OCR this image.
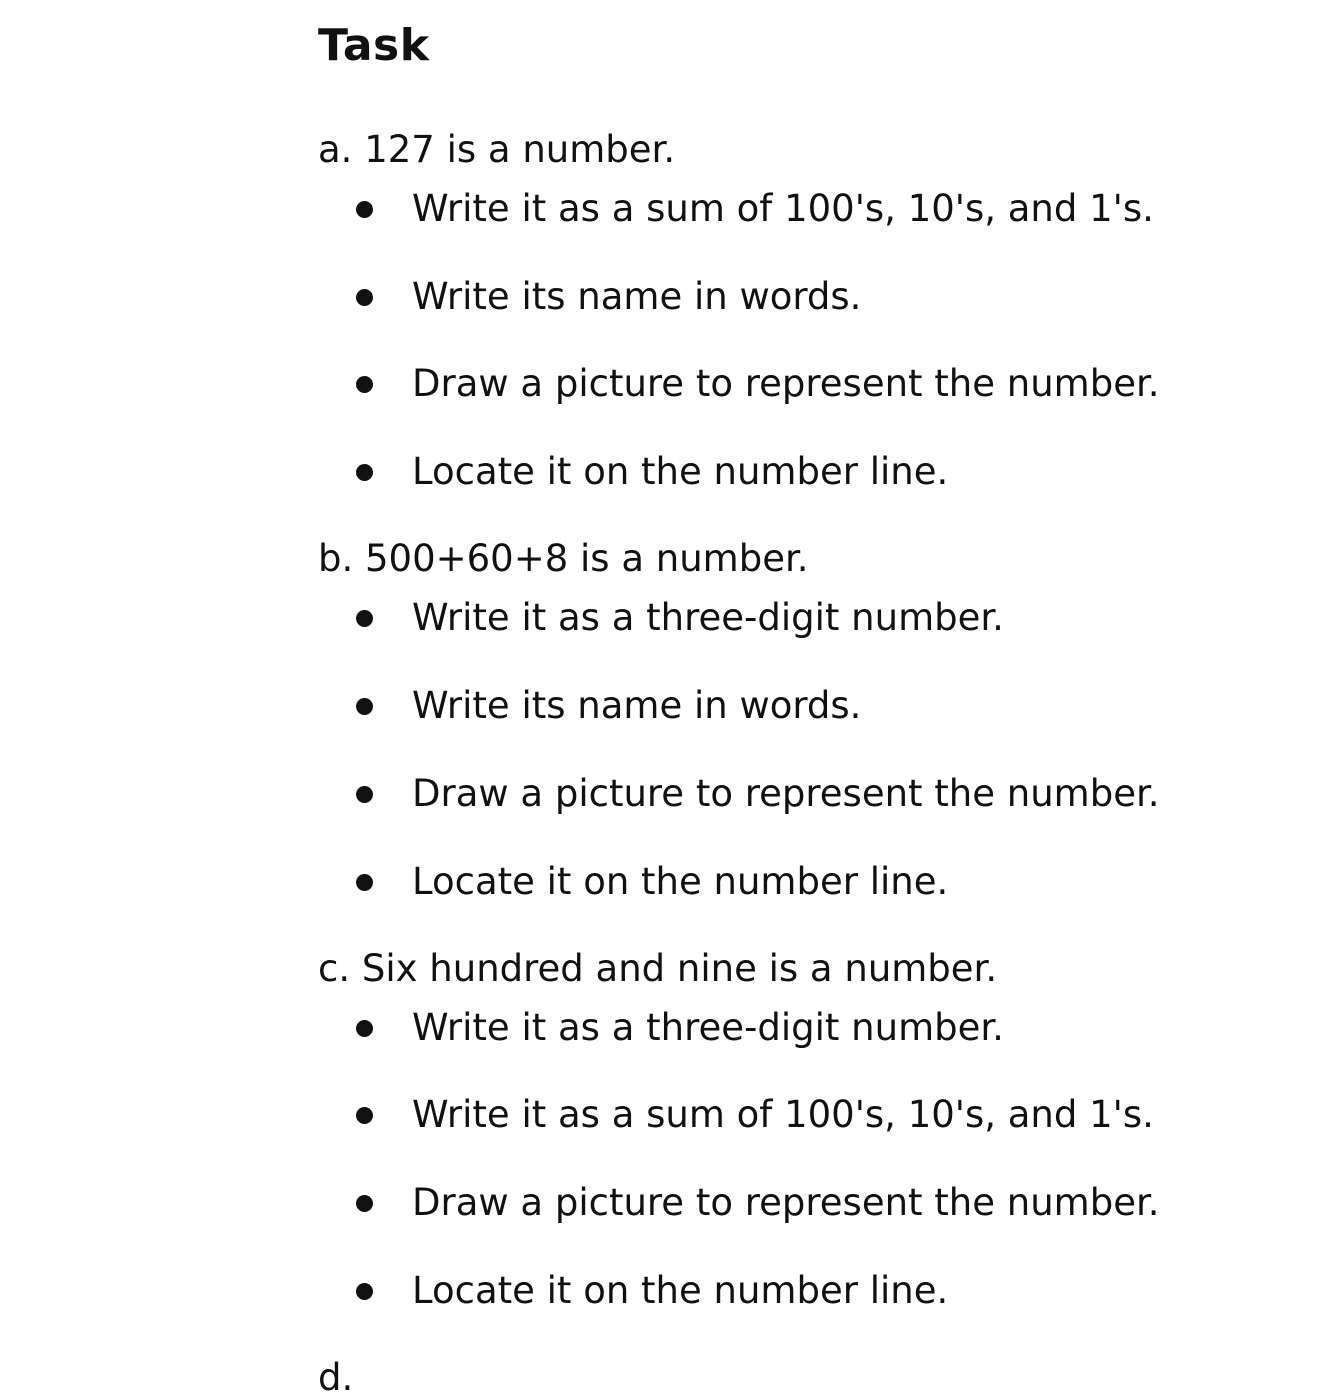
Task
a. 127 is a number.
Write it as a sum of 100's, 10's, and 1's.
Write its name in words.
Draw a picture to represent the number.
Locate it on the number line.
b. 500+60+8 is a number.
Write it as a three-digit number.
Write its name in words.
Draw a picture to represent the number.
Locate it on the number line.
c. Six hundred and nine is a number.
Write it as a three-digit number.
Write it as a sum of 100's, 10's, and 1's.
Draw a picture to represent the number.
Locate it on the number line.
d.
